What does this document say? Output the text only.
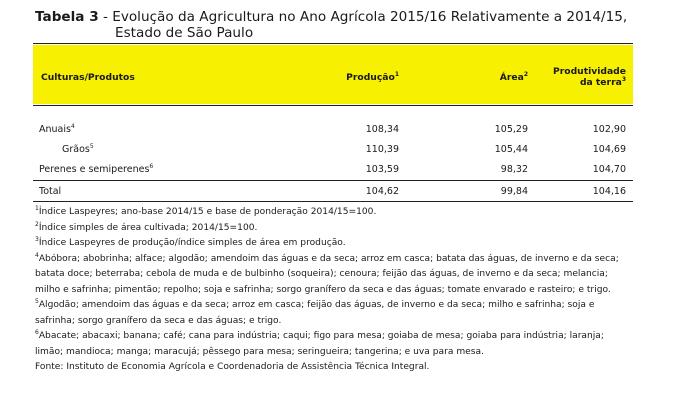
Tabela 3 - Evolução da Agricultura no Ano Agrícola 2015/16 Relativamente a 2014/15,
Estado de São Paulo
Culturas/Produtos	Produção$^1$	Área$^2$	Produtividade
da terra$^3$
Anuais$^4$	108,34	105,29	102,90
Grãos$^5$	110,39	105,44	104,69
Perenes e semiperenes$^6$	103,59	98,32	104,70
Total	104,62	99,84	104,16

$^1$Índice Laspeyres; ano-base 2014/15 e base de ponderação 2014/15=100.

$^2$Índice simples de área cultivada; 2014/15=100.

$^3$Índice Laspeyres de produção/índice simples de área em produção.

$^4$Abóbora; abobrinha; alface; algodão; amendoim das águas e da seca; arroz em casca; batata das águas, de inverno e da seca; batata doce; beterraba; cebola de muda e de bulbinho (soqueira); cenoura; feijão das águas, de inverno e da seca; melancia; milho e safrinha; pimentão; repolho; soja e safrinha; sorgo granífero da seca e das águas; tomate envarado e rasteiro; e trigo.

$^5$Algodão; amendoim das águas e da seca; arroz em casca; feijão das águas, de inverno e da seca; milho e safrinha; soja e safrinha; sorgo granífero da seca e das águas; e trigo.

$^6$Abacate; abacaxi; banana; café; cana para indústria; caqui; figo para mesa; goiaba de mesa; goiaba para indústria; laranja; limão; mandioca; manga; maracujá; pêssego para mesa; seringueira; tangerina; e uva para mesa.

Fonte: Instituto de Economia Agrícola e Coordenadoria de Assistência Técnica Integral.
